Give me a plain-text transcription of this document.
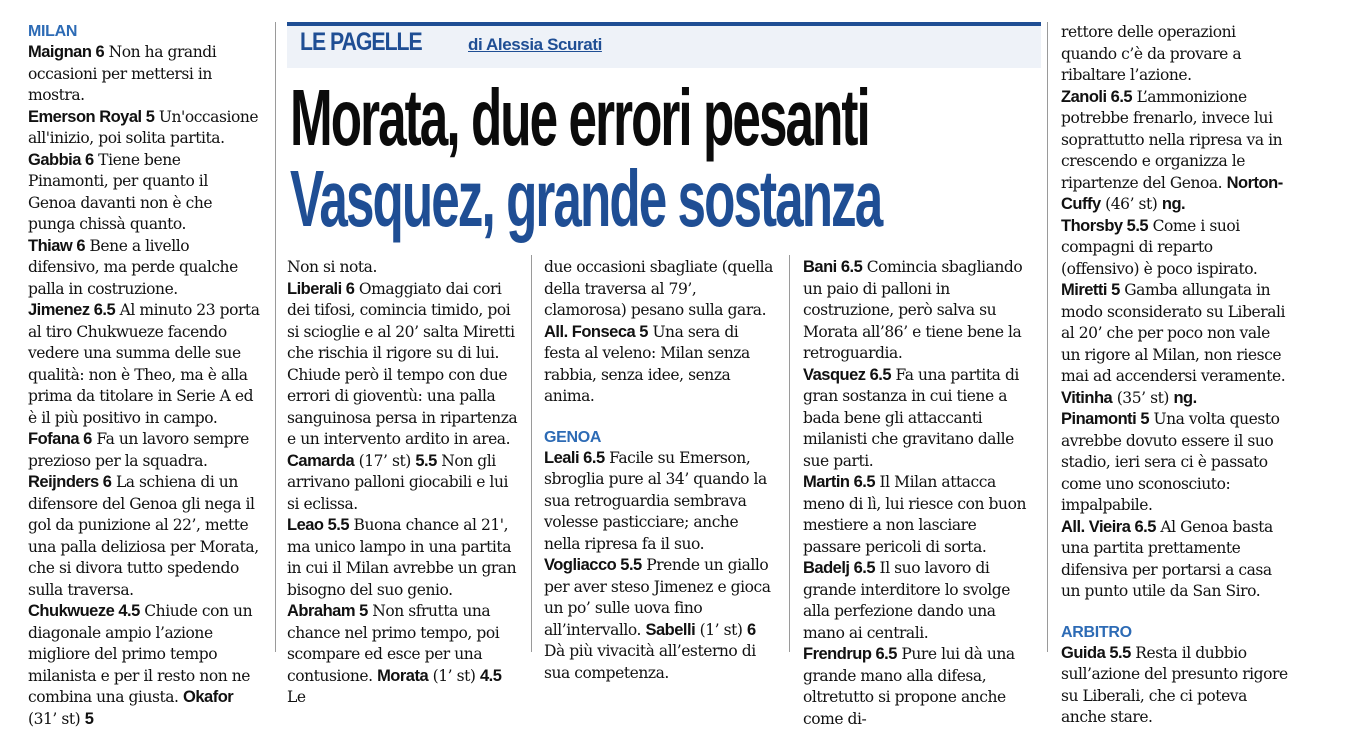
LE PAGELLE	di Alessia Scurati
Morata, due errori pesanti
Vasquez, grande sostanza

MILAN

Maignan 6 Non ha grandi occasioni per mettersi in mostra.

Emerson Royal 5 Un'occasione all'inizio, poi solita partita.

Gabbia 6 Tiene bene Pinamonti, per quanto il Genoa davanti non è che punga chissà quanto.

Thiaw 6 Bene a livello difensivo, ma perde qualche palla in costruzione.

Jimenez 6.5 Al minuto 23 porta al tiro Chukwueze facendo vedere una summa delle sue qualità: non è Theo, ma è alla prima da titolare in Serie A ed è il più positivo in campo.

Fofana 6 Fa un lavoro sempre prezioso per la squadra.

Reijnders 6 La schiena di un difensore del Genoa gli nega il gol da punizione al 22’, mette una palla deliziosa per Morata, che si divora tutto spedendo sulla traversa.

Chukwueze 4.5 Chiude con un diagonale ampio l’azione migliore del primo tempo milanista e per il resto non ne combina una giusta. Okafor (31’ st) 5

Non si nota.

Liberali 6 Omaggiato dai cori dei tifosi, comincia timido, poi si scioglie e al 20’ salta Miretti che rischia il rigore su di lui. Chiude però il tempo con due errori di gioventù: una palla sanguinosa persa in ripartenza e un intervento ardito in area. Camarda (17’ st) 5.5 Non gli arrivano palloni giocabili e lui si eclissa.

Leao 5.5 Buona chance al 21', ma unico lampo in una partita in cui il Milan avrebbe un gran bisogno del suo genio.

Abraham 5 Non sfrutta una chance nel primo tempo, poi scompare ed esce per una contusione. Morata (1’ st) 4.5 Le

due occasioni sbagliate (quella della traversa al 79’, clamorosa) pesano sulla gara.

All. Fonseca 5 Una sera di festa al veleno: Milan senza rabbia, senza idee, senza anima.

GENOA

Leali 6.5 Facile su Emerson, sbroglia pure al 34’ quando la sua retroguardia sembrava volesse pasticciare; anche nella ripresa fa il suo.

Vogliacco 5.5 Prende un giallo per aver steso Jimenez e gioca un po’ sulle uova fino all’intervallo. Sabelli (1’ st) 6 Dà più vivacità all’esterno di sua competenza.

Bani 6.5 Comincia sbagliando un paio di palloni in costruzione, però salva su Morata all’86’ e tiene bene la retroguardia.

Vasquez 6.5 Fa una partita di gran sostanza in cui tiene a bada bene gli attaccanti milanisti che gravitano dalle sue parti.

Martin 6.5 Il Milan attacca meno di lì, lui riesce con buon mestiere a non lasciare passare pericoli di sorta.

Badelj 6.5 Il suo lavoro di grande interditore lo svolge alla perfezione dando una mano ai centrali.

Frendrup 6.5 Pure lui dà una grande mano alla difesa, oltretutto si propone anche come di-

rettore delle operazioni quando c’è da provare a ribaltare l’azione.

Zanoli 6.5 L’ammonizione potrebbe frenarlo, invece lui soprattutto nella ripresa va in crescendo e organizza le ripartenze del Genoa. Norton-Cuffy (46’ st) ng.

Thorsby 5.5 Come i suoi compagni di reparto (offensivo) è poco ispirato.

Miretti 5 Gamba allungata in modo sconsiderato su Liberali al 20’ che per poco non vale un rigore al Milan, non riesce mai ad accendersi veramente.

Vitinha (35’ st) ng.

Pinamonti 5 Una volta questo avrebbe dovuto essere il suo stadio, ieri sera ci è passato come uno sconosciuto: impalpabile.

All. Vieira 6.5 Al Genoa basta una partita prettamente difensiva per portarsi a casa un punto utile da San Siro.

ARBITRO

Guida 5.5 Resta il dubbio sull’azione del presunto rigore su Liberali, che ci poteva anche stare.
